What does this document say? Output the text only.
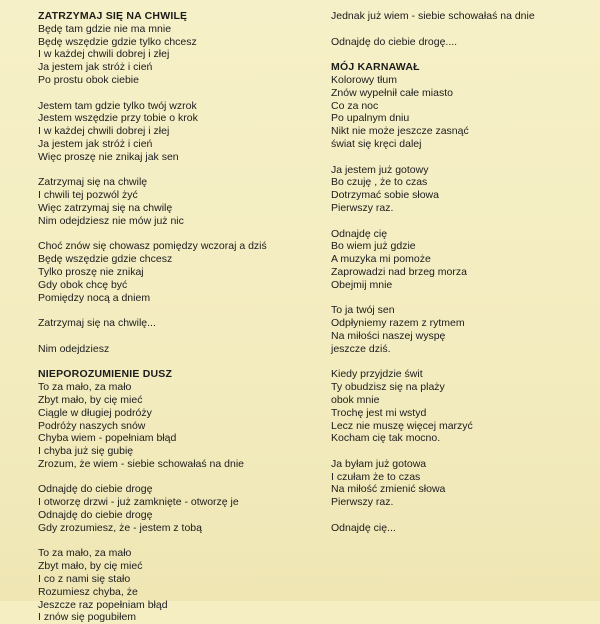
ZATRZYMAJ SIĘ NA CHWILĘ
Będę tam gdzie nie ma mnie
Będę wszędzie gdzie tylko chcesz
I w każdej chwili dobrej i złej
Ja jestem jak stróż i cień
Po prostu obok ciebie
Jestem tam gdzie tylko twój wzrok
Jestem wszędzie przy tobie o krok
I w każdej chwili dobrej i złej
Ja jestem jak stróż i cień
Więc proszę nie znikaj jak sen
Zatrzymaj się na chwilę
I chwili tej pozwól żyć
Więc zatrzymaj się na chwilę
Nim odejdziesz nie mów już nic
Choć znów się chowasz pomiędzy wczoraj a dziś
Będę wszędzie gdzie chcesz
Tylko proszę nie znikaj
Gdy obok chcę być
Pomiędzy nocą a dniem
Zatrzymaj się na chwilę...
Nim odejdziesz
NIEPOROZUMIENIE DUSZ
To za mało, za mało
Zbyt mało, by cię mieć
Ciągle w długiej podróży
Podróży naszych snów
Chyba wiem - popełniam błąd
I chyba już się gubię
Zrozum, że wiem - siebie schowałaś na dnie
Odnajdę do ciebie drogę
I otworzę drzwi - już zamknięte - otworzę je
Odnajdę do ciebie drogę
Gdy zrozumiesz, że - jestem z tobą
To za mało, za mało
Zbyt mało, by cię mieć
I co z nami się stało
Rozumiesz chyba, że
Jeszcze raz popełniam błąd
I znów się pogubiłem
Jednak już wiem - siebie schowałaś na dnie
Odnajdę do ciebie drogę....
MÓJ KARNAWAŁ
Kolorowy tłum
Znów wypełnił całe miasto
Co za noc
Po upalnym dniu
Nikt nie może jeszcze zasnąć
świat się kręci dalej
Ja jestem już gotowy
Bo czuję , że to czas
Dotrzymać sobie słowa
Pierwszy raz.
Odnajdę cię
Bo wiem już gdzie
A muzyka mi pomoże
Zaprowadzi nad brzeg morza
Obejmij mnie
To ja twój sen
Odpłyniemy razem z rytmem
Na miłości naszej wyspę
jeszcze dziś.
Kiedy przyjdzie świt
Ty obudzisz się na plaży
obok mnie
Trochę jest mi wstyd
Lecz nie muszę więcej marzyć
Kocham cię tak mocno.
Ja byłam już gotowa
I czułam że to czas
Na miłość zmienić słowa
Pierwszy raz.
Odnajdę cię...
